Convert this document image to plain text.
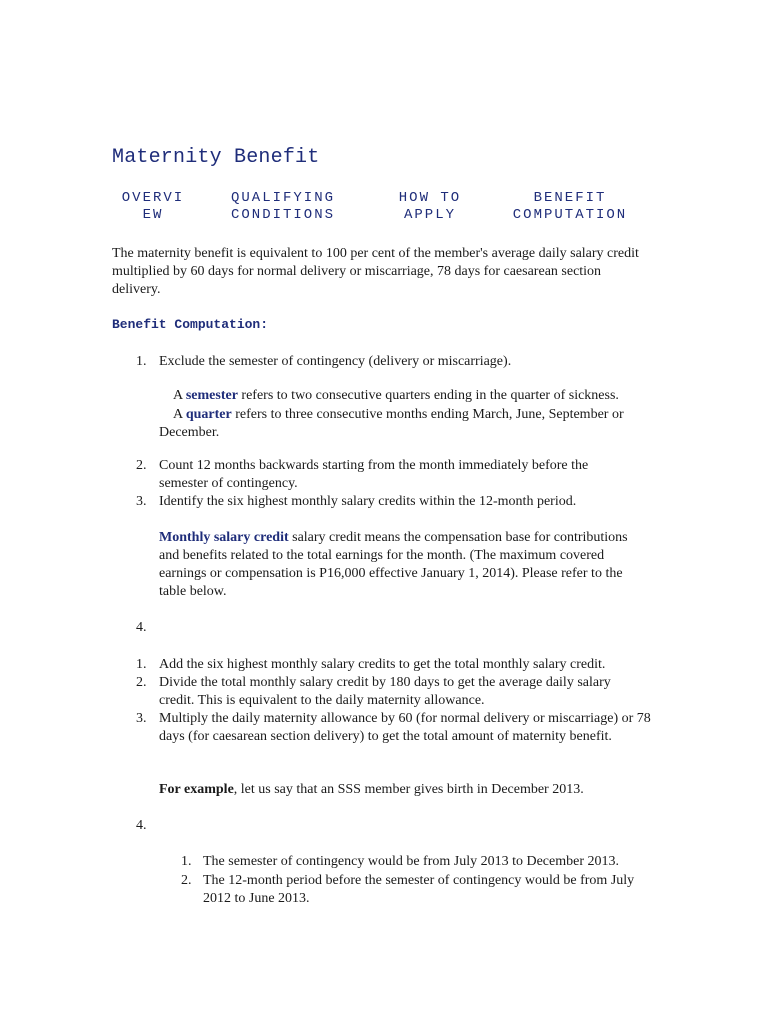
Maternity Benefit
OVERVI
EW
QUALIFYING
CONDITIONS
HOW TO
APPLY
BENEFIT
COMPUTATION

The maternity benefit is equivalent to 100 per cent of the member's average daily salary credit multiplied by 60 days for normal delivery or miscarriage, 78 days for caesarean section delivery.

Benefit Computation:
1. Exclude the semester of contingency (delivery or miscarriage).

A semester refers to two consecutive quarters ending in the quarter of sickness.

A quarter refers to three consecutive months ending March, June, September or December.

2. Count 12 months backwards starting from the month immediately before the semester of contingency.

3. Identify the six highest monthly salary credits within the 12-month period.

Monthly salary credit salary credit means the compensation base for contributions and benefits related to the total earnings for the month. (The maximum covered earnings or compensation is P16,000 effective January 1, 2014). Please refer to the table below.

4.
1. Add the six highest monthly salary credits to get the total monthly salary credit.

2. Divide the total monthly salary credit by 180 days to get the average daily salary credit. This is equivalent to the daily maternity allowance.

3. Multiply the daily maternity allowance by 60 (for normal delivery or miscarriage) or 78 days (for caesarean section delivery) to get the total amount of maternity benefit.

For example, let us say that an SSS member gives birth in December 2013.

4.
1. The semester of contingency would be from July 2013 to December 2013.

2. The 12-month period before the semester of contingency would be from July 2012 to June 2013.
